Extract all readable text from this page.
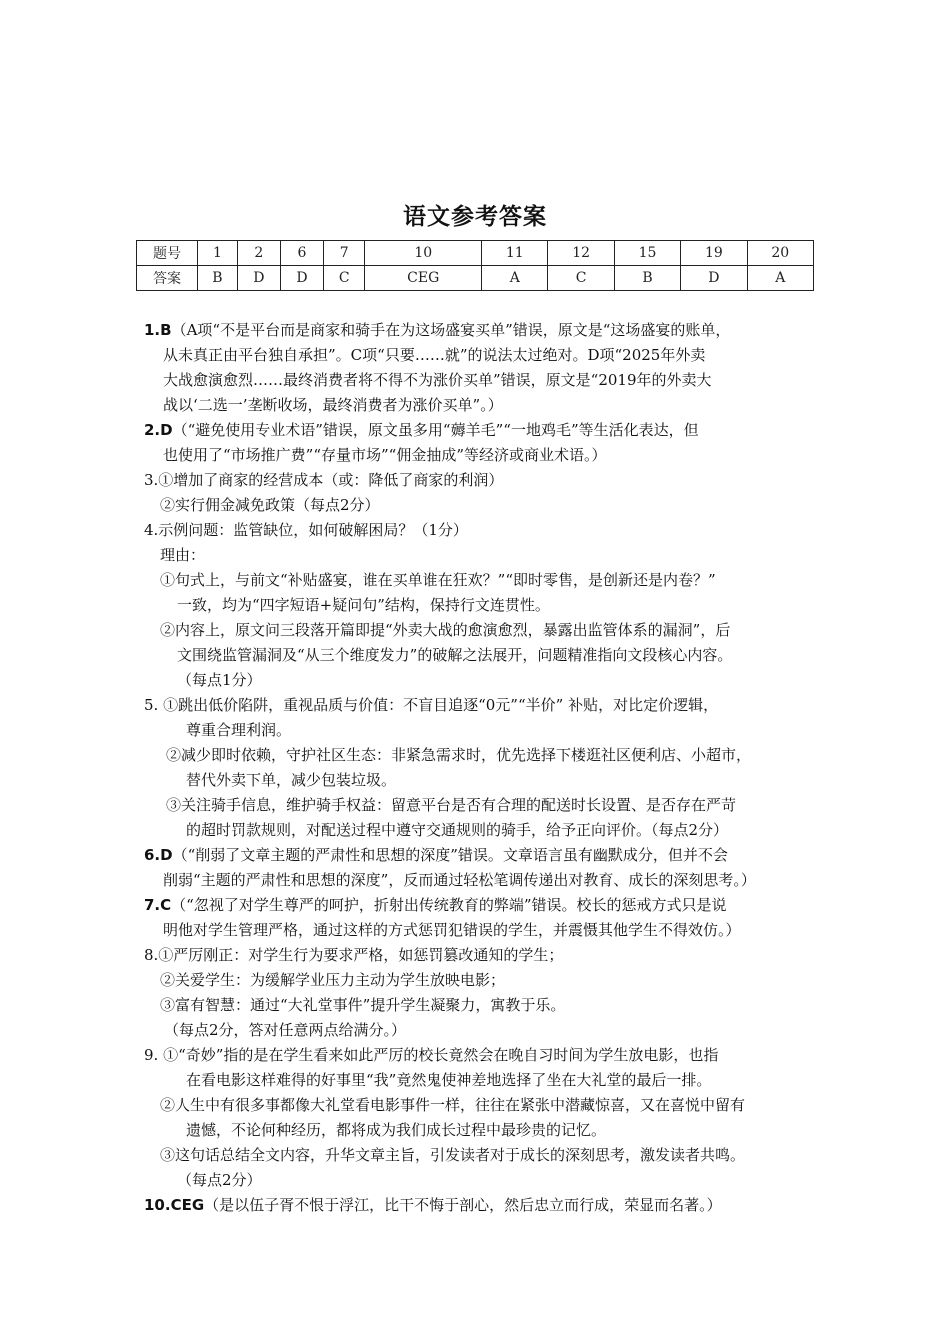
语文参考答案
题号	1	2	6	7	10	11	12	15	19	20
答案	B	D	D	C	CEG	A	C	B	D	A
1.B（A项“不是平台而是商家和骑手在为这场盛宴买单”错误，原文是“这场盛宴的账单，
从未真正由平台独自承担”。C项“只要……就”的说法太过绝对。D项“2025年外卖
大战愈演愈烈……最终消费者将不得不为涨价买单”错误，原文是“2019年的外卖大
战以‘二选一’垄断收场，最终消费者为涨价买单”。）
2.D（“避免使用专业术语”错误，原文虽多用“薅羊毛”“一地鸡毛”等生活化表达，但
也使用了“市场推广费”“存量市场”“佣金抽成”等经济或商业术语。）
3.①增加了商家的经营成本（或：降低了商家的利润）
②实行佣金减免政策（每点2分）
4.示例问题：监管缺位，如何破解困局？（1分）
理由：
①句式上，与前文“补贴盛宴，谁在买单谁在狂欢？”“即时零售，是创新还是内卷？”
一致，均为“四字短语+疑问句”结构，保持行文连贯性。
②内容上，原文问三段落开篇即提“外卖大战的愈演愈烈，暴露出监管体系的漏洞”，后
文围绕监管漏洞及“从三个维度发力”的破解之法展开，问题精准指向文段核心内容。
（每点1分）
5. ①跳出低价陷阱，重视品质与价值：不盲目追逐“0元”“半价” 补贴，对比定价逻辑，
尊重合理利润。
②减少即时依赖，守护社区生态：非紧急需求时，优先选择下楼逛社区便利店、小超市，
替代外卖下单，减少包装垃圾。
③关注骑手信息，维护骑手权益：留意平台是否有合理的配送时长设置、是否存在严苛
的超时罚款规则，对配送过程中遵守交通规则的骑手，给予正向评价。（每点2分）
6.D（“削弱了文章主题的严肃性和思想的深度”错误。文章语言虽有幽默成分，但并不会
削弱“主题的严肃性和思想的深度”，反而通过轻松笔调传递出对教育、成长的深刻思考。）
7.C（“忽视了对学生尊严的呵护，折射出传统教育的弊端”错误。校长的惩戒方式只是说
明他对学生管理严格，通过这样的方式惩罚犯错误的学生，并震慑其他学生不得效仿。）
8.①严厉刚正：对学生行为要求严格，如惩罚篡改通知的学生；
②关爱学生：为缓解学业压力主动为学生放映电影；
③富有智慧：通过“大礼堂事件”提升学生凝聚力，寓教于乐。
（每点2分，答对任意两点给满分。）
9. ①“奇妙”指的是在学生看来如此严厉的校长竟然会在晚自习时间为学生放电影，也指
在看电影这样难得的好事里“我”竟然鬼使神差地选择了坐在大礼堂的最后一排。
②人生中有很多事都像大礼堂看电影事件一样，往往在紧张中潜藏惊喜，又在喜悦中留有
遗憾，不论何种经历，都将成为我们成长过程中最珍贵的记忆。
③这句话总结全文内容，升华文章主旨，引发读者对于成长的深刻思考，激发读者共鸣。
（每点2分）
10.CEG（是以伍子胥不恨于浮江，比干不悔于剖心，然后忠立而行成，荣显而名著。）
